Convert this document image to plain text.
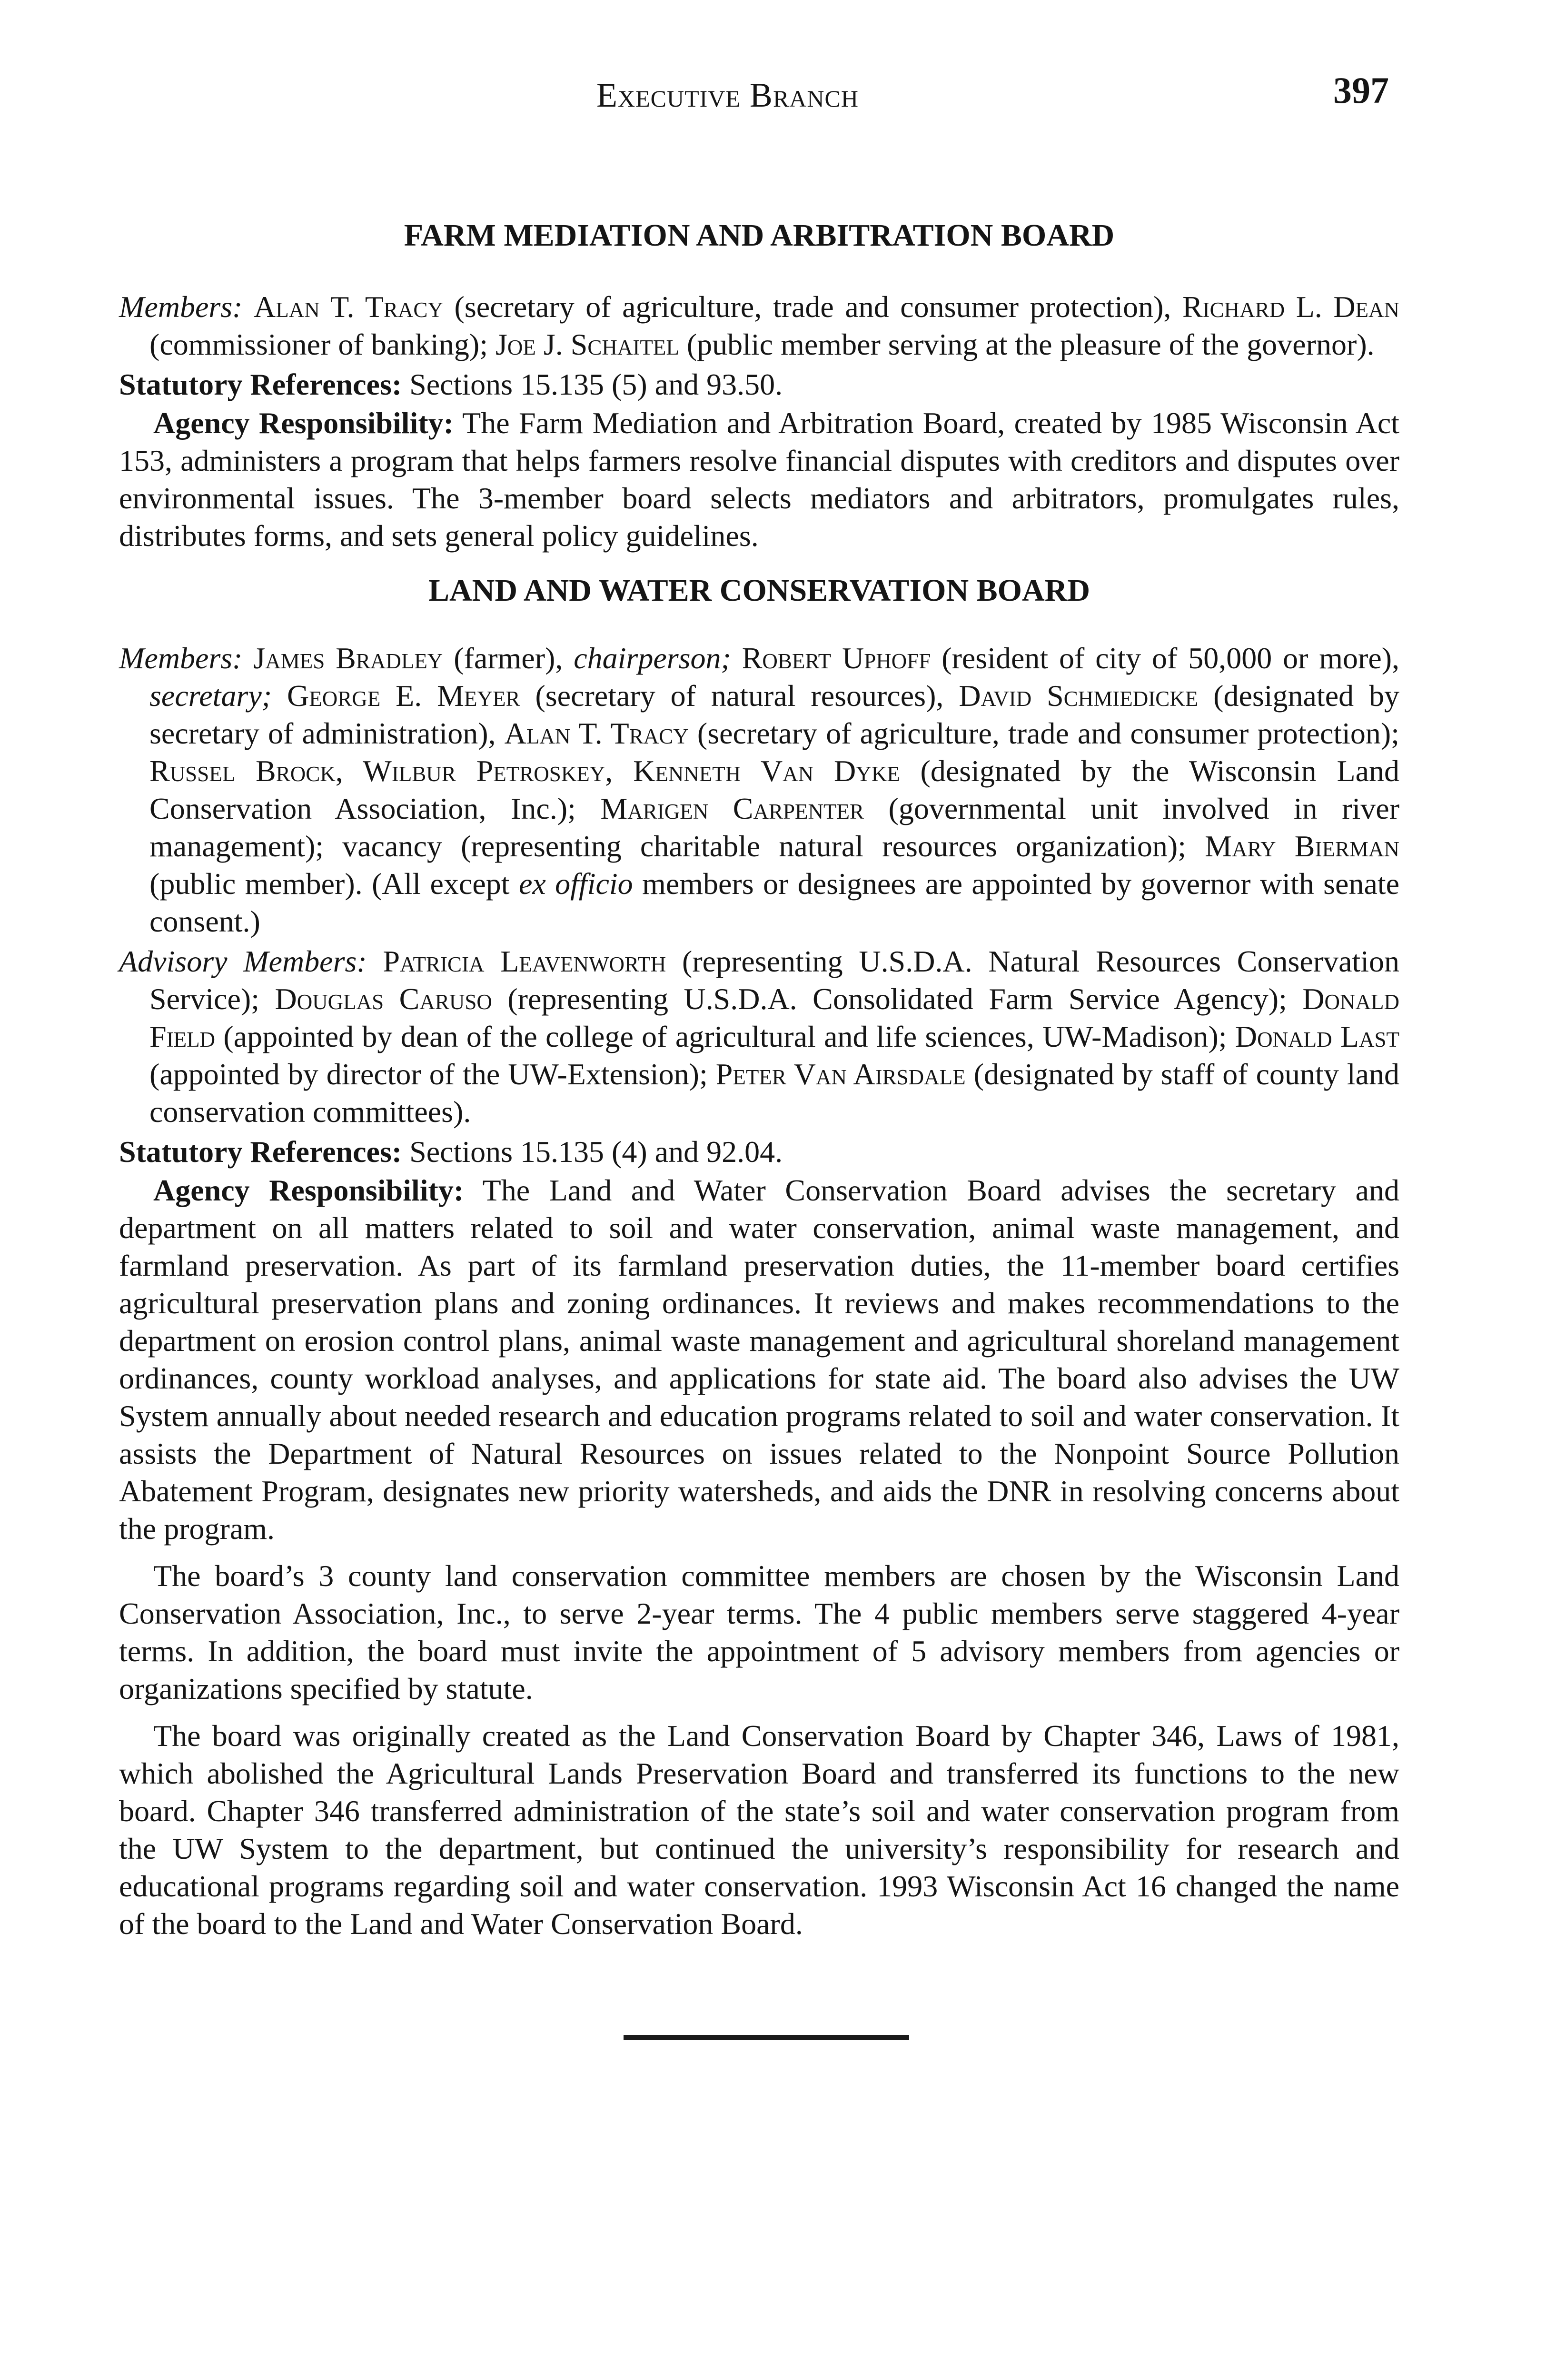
Executive Branch	397
FARM MEDIATION AND ARBITRATION BOARD

Members: Alan T. Tracy (secretary of agriculture, trade and consumer protection), Richard L. Dean (commissioner of banking); Joe J. Schaitel (public member serving at the pleasure of the governor).

Statutory References: Sections 15.135 (5) and 93.50.

Agency Responsibility: The Farm Mediation and Arbitration Board, created by 1985 Wisconsin Act 153, administers a program that helps farmers resolve financial disputes with creditors and disputes over environmental issues. The 3-member board selects mediators and arbitrators, promulgates rules, distributes forms, and sets general policy guidelines.

LAND AND WATER CONSERVATION BOARD

Members: James Bradley (farmer), chairperson; Robert Uphoff (resident of city of 50,000 or more), secretary; George E. Meyer (secretary of natural resources), David Schmiedicke (designated by secretary of administration), Alan T. Tracy (secretary of agriculture, trade and consumer protection); Russel Brock, Wilbur Petroskey, Kenneth Van Dyke (designated by the Wisconsin Land Conservation Association, Inc.); Marigen Carpenter (governmental unit involved in river management); vacancy (representing charitable natural resources organization); Mary Bierman (public member). (All except ex officio members or designees are appointed by governor with senate consent.)

Advisory Members: Patricia Leavenworth (representing U.S.D.A. Natural Resources Conservation Service); Douglas Caruso (representing U.S.D.A. Consolidated Farm Service Agency); Donald Field (appointed by dean of the college of agricultural and life sciences, UW-Madison); Donald Last (appointed by director of the UW-Extension); Peter Van Airsdale (designated by staff of county land conservation committees).

Statutory References: Sections 15.135 (4) and 92.04.

Agency Responsibility: The Land and Water Conservation Board advises the secretary and department on all matters related to soil and water conservation, animal waste management, and farmland preservation. As part of its farmland preservation duties, the 11-member board certifies agricultural preservation plans and zoning ordinances. It reviews and makes recommendations to the department on erosion control plans, animal waste management and agricultural shoreland management ordinances, county workload analyses, and applications for state aid. The board also advises the UW System annually about needed research and education programs related to soil and water conservation. It assists the Department of Natural Resources on issues related to the Nonpoint Source Pollution Abatement Program, designates new priority watersheds, and aids the DNR in resolving concerns about the program.

The board’s 3 county land conservation committee members are chosen by the Wisconsin Land Conservation Association, Inc., to serve 2-year terms. The 4 public members serve staggered 4-year terms. In addition, the board must invite the appointment of 5 advisory members from agencies or organizations specified by statute.

The board was originally created as the Land Conservation Board by Chapter 346, Laws of 1981, which abolished the Agricultural Lands Preservation Board and transferred its functions to the new board. Chapter 346 transferred administration of the state’s soil and water conservation program from the UW System to the department, but continued the university’s responsibility for research and educational programs regarding soil and water conservation. 1993 Wisconsin Act 16 changed the name of the board to the Land and Water Conservation Board.
